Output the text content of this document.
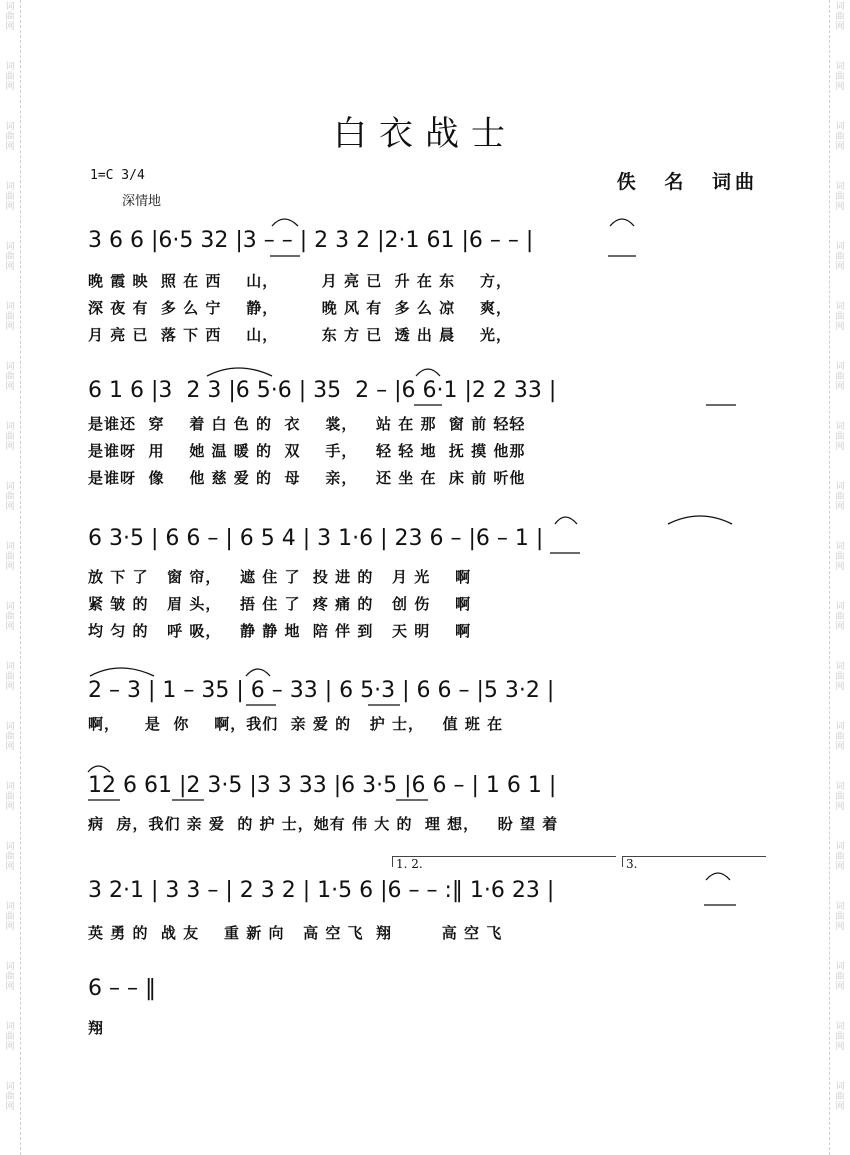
词
曲
网
词
曲
网
词
曲
网
词
曲
网
词
曲
网
词
曲
网
词
曲
网
词
曲
网
词
曲
网
词
曲
网
词
曲
网
词
曲
网
词
曲
网
词
曲
网
词
曲
网
词
曲
网
词
曲
网
词
曲
网
词
曲
网
词
曲
网
词
曲
网
词
曲
网
词
曲
网
词
曲
网
词
曲
网
词
曲
网
词
曲
网
词
曲
网
词
曲
网
词
曲
网
词
曲
网
词
曲
网
词
曲
网
词
曲
网
词
曲
网
词
曲
网
词
曲
网
词
曲
网
白衣战士
1=C 3/4
深情地
佚 名 词曲
3 6 6 |6·5 32 |3 – – | 2 3 2 |2·1 61 |6 – – |
晚 霞 映  照 在 西    山，       月 亮 已  升 在 东    方，
深 夜 有  多 么 宁    静，       晚 风 有  多 么 凉    爽，
月 亮 已  落 下 西    山，       东 方 已  透 出 晨    光，
6 1 6 |3  2 3 |6 5·6 | 35  2 – |6 6·1 |2 2 33 |
是谁还  穿    着 白 色 的  衣    裳，   站 在 那  窗 前 轻轻
是谁呀  用    她 温 暖 的  双    手，   轻 轻 地  抚 摸 他那
是谁呀  像    他 慈 爱 的  母    亲，   还 坐 在  床 前 听他
6 3·5 | 6 6 – | 6 5 4 | 3 1·6 | 23 6 – |6 – 1 |
放 下 了   窗 帘，   遮 住 了  投 进 的   月 光    啊
紧 皱 的   眉 头，   捂 住 了  疼 痛 的   创 伤    啊
均 匀 的   呼 吸，   静 静 地  陪 伴 到   天 明    啊
2 – 3 | 1 – 35 | 6 – 33 | 6 5·3 | 6 6 – |5 3·2 |
啊，    是  你    啊，我们  亲 爱 的   护 士，   值 班 在
12 6 61 |2 3·5 |3 3 33 |6 3·5 |6 6 – | 1 6 1 |
病  房，我们 亲 爱  的 护 士，她有 伟 大 的  理 想，   盼 望 着
1. 2.	3.
3 2·1 | 3 3 – | 2 3 2 | 1·5 6 |6 – – :‖ 1·6 23 |
英 勇 的  战 友    重 新 向   高 空 飞  翔        高 空 飞
6 – – ‖
翔
